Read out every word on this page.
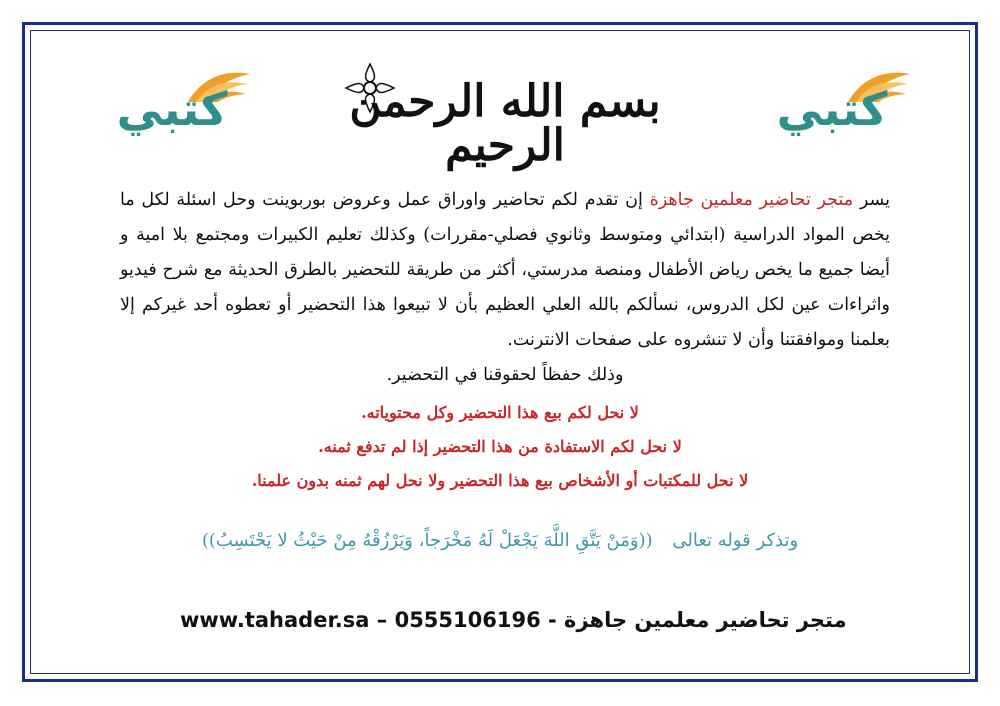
كتبي	كتبي
بسم الله الرحمن الرحيم
يسر متجر تحاضير معلمين جاهزة إن تقدم لكم تحاضير واوراق عمل وعروض بوربوينت وحل اسئلة لكل ما يخص المواد الدراسية (ابتدائي ومتوسط وثانوي فصلي-مقررات) وكذلك تعليم الكبيرات ومجتمع بلا امية و أيضا جميع ما يخص رياض الأطفال ومنصة مدرستي، أكثر من طريقة للتحضير بالطرق الحديثة مع شرح فيديو واثراءات عين لكل الدروس، نسألكم بالله العلي العظيم بأن لا تبيعوا هذا التحضير أو تعطوه أحد غيركم إلا بعلمنا وموافقتنا وأن لا تنشروه على صفحات الانترنت.
وذلك حفظاً لحقوقنا في التحضير.
لا نحل لكم بيع هذا التحضير وكل محتوياته.
لا نحل لكم الاستفادة من هذا التحضير إذا لم تدفع ثمنه.
لا نحل للمكتبات أو الأشخاص بيع هذا التحضير ولا نحل لهم ثمنه بدون علمنا.
وتذكر قوله تعالى ((وَمَنْ يَتَّقِ اللَّهَ يَجْعَلْ لَهُ مَخْرَجاً، وَيَرْزُقْهُ مِنْ حَيْثُ لا يَحْتَسِبُ))
www.tahader.sa – 0555106196 متجر تحاضير معلمين جاهزة -
